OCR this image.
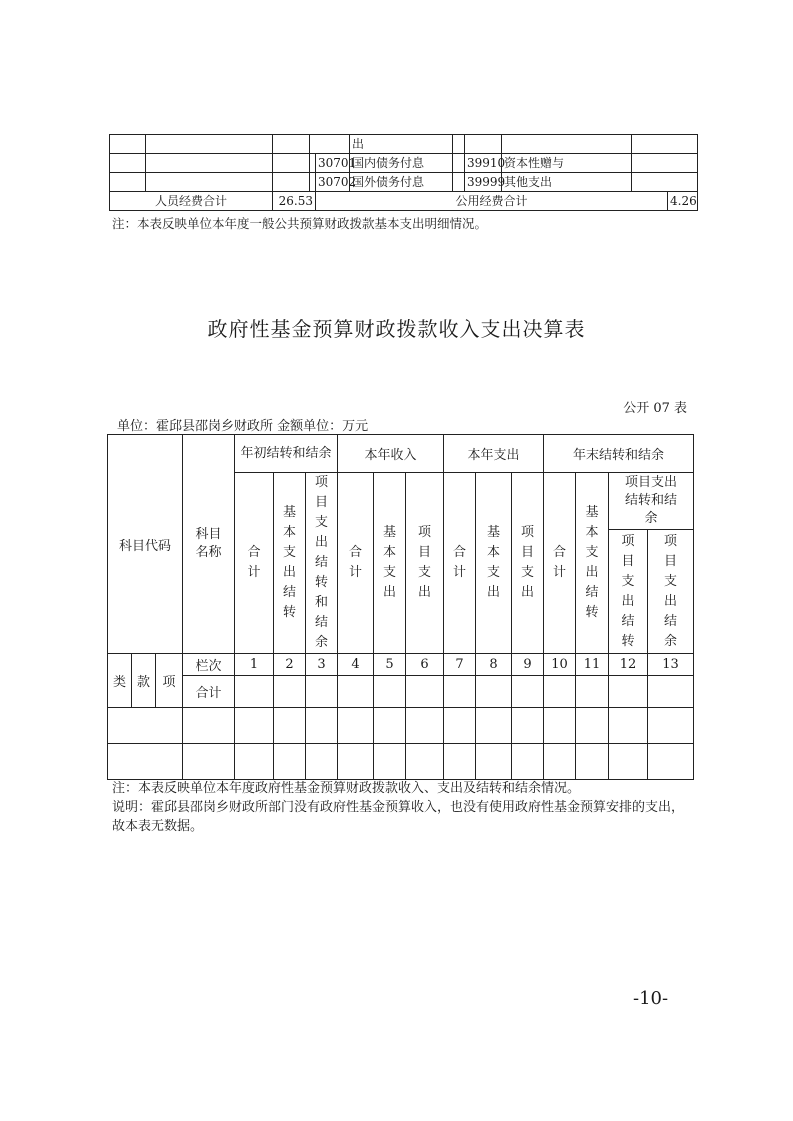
					出					
				30701	国内债务付息		39910	资本性赠与		
				30702	国外债务付息		39999	其他支出		
人员经费合计		26.53		公用经费合计						4.26
注：本表反映单位本年度一般公共预算财政拨款基本支出明细情况。
政府性基金预算财政拨款收入支出决算表
公开 07 表
单位：霍邱县邵岗乡财政所 金额单位：万元
科目代码			科目名称	年初结转和结余			本年收入			本年支出			年末结转和结余			
				合计	基本支出结转	项目支出结转和结余	合计	基本支出	项目支出	合计	基本支出	项目支出	合计	基本支出结转	项目支出结转和结余	
															项目支出结转	项目支出结余
类	款	项	栏次	1	2	3	4	5	6	7	8	9	10	11	12	13
			合计													

注：本表反映单位本年度政府性基金预算财政拨款收入、支出及结转和结余情况。
说明：霍邱县邵岗乡财政所部门没有政府性基金预算收入，也没有使用政府性基金预算安排的支出，故本表无数据。
-10-
